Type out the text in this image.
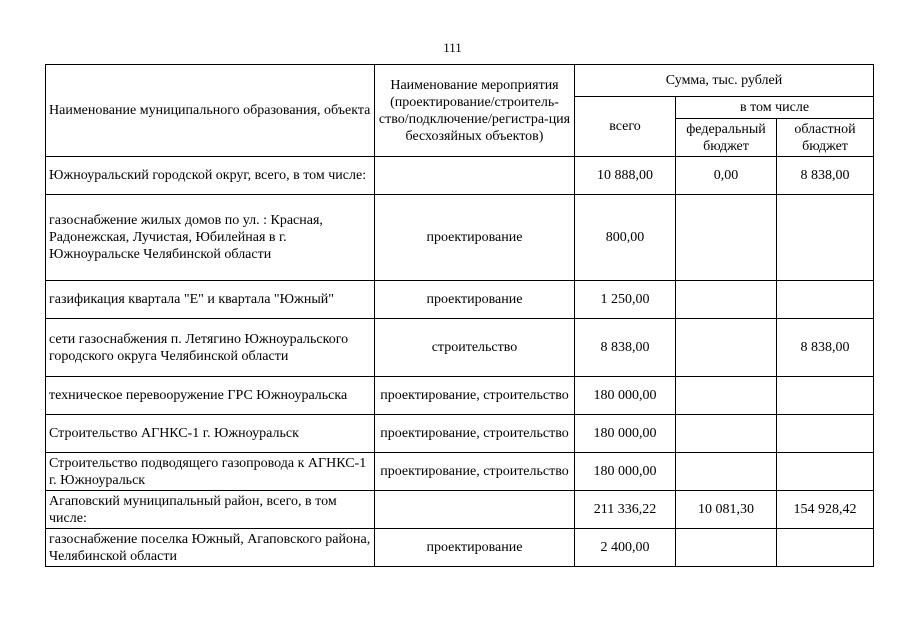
111
Наименование муниципального образования, объекта	Наименование мероприятия (проектирование/строитель-ство/подключение/регистра-ция бесхозяйных объектов)	Сумма, тыс. рублей		
		всего	в том числе	
			федеральный бюджет	областной бюджет
Южноуральский городской округ, всего, в том числе:		10 888,00	0,00	8 838,00
газоснабжение жилых домов по ул. : Красная, Радонежская, Лучистая, Юбилейная в г. Южноуральске Челябинской области	проектирование	800,00		
газификация квартала "Е" и квартала "Южный"	проектирование	1 250,00		
сети газоснабжения п. Летягино Южноуральского городского округа Челябинской области	строительство	8 838,00		8 838,00
техническое перевооружение ГРС Южноуральска	проектирование, строительство	180 000,00		
Строительство АГНКС-1 г. Южноуральск	проектирование, строительство	180 000,00		
Строительство подводящего газопровода к АГНКС-1 г. Южноуральск	проектирование, строительство	180 000,00		
Агаповский муниципальный район, всего, в том числе:		211 336,22	10 081,30	154 928,42
газоснабжение поселка Южный, Агаповского района, Челябинской области	проектирование	2 400,00		
